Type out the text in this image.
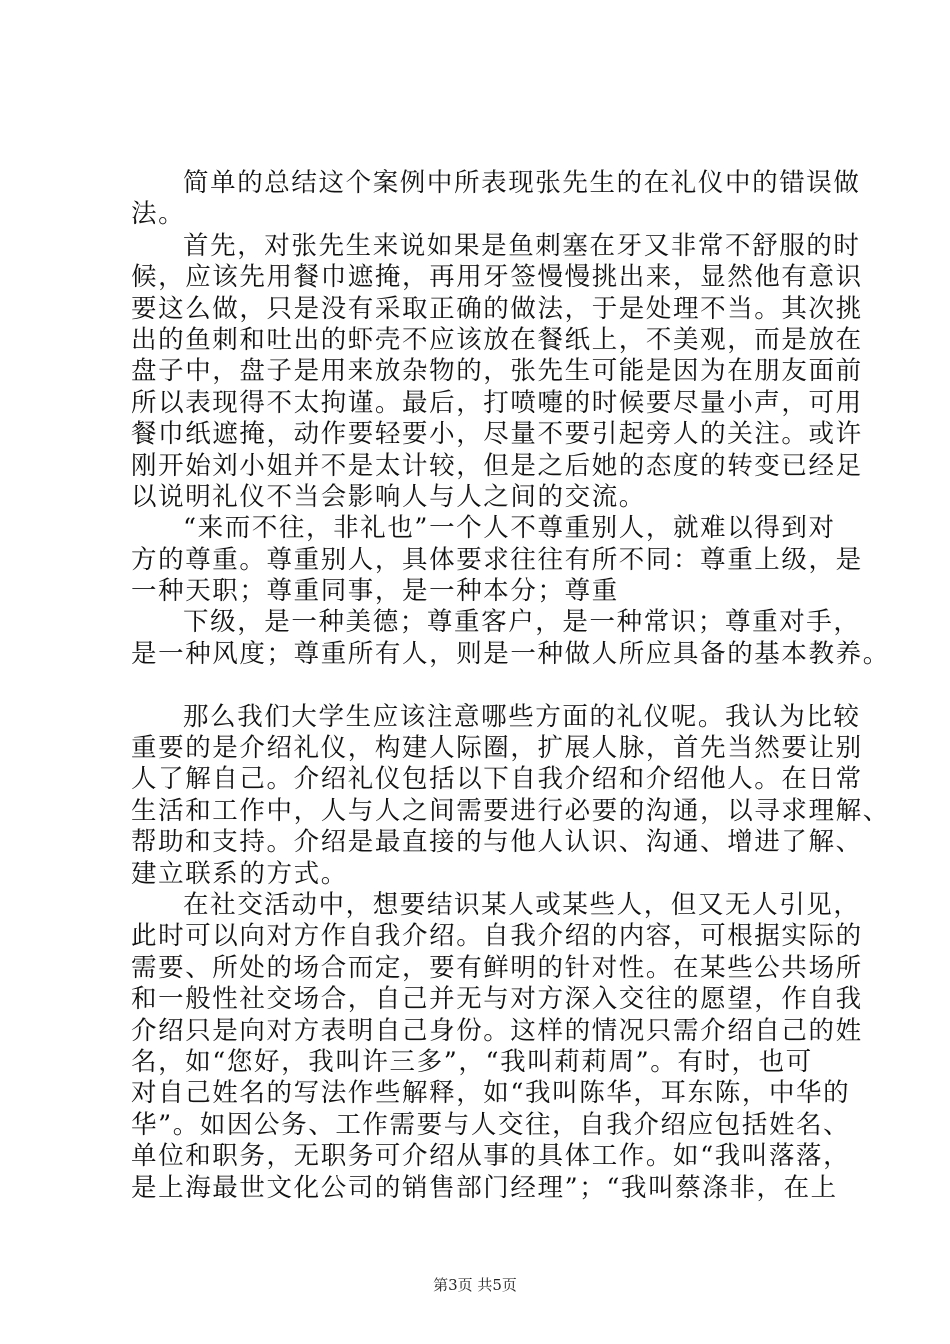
简单的总结这个案例中所表现张先生的在礼仪中的错误做
法。
首先，对张先生来说如果是鱼刺塞在牙又非常不舒服的时
候，应该先用餐巾遮掩，再用牙签慢慢挑出来，显然他有意识
要这么做，只是没有采取正确的做法，于是处理不当。其次挑
出的鱼刺和吐出的虾壳不应该放在餐纸上，不美观，而是放在
盘子中，盘子是用来放杂物的，张先生可能是因为在朋友面前
所以表现得不太拘谨。最后，打喷嚏的时候要尽量小声，可用
餐巾纸遮掩，动作要轻要小，尽量不要引起旁人的关注。或许
刚开始刘小姐并不是太计较，但是之后她的态度的转变已经足
以说明礼仪不当会影响人与人之间的交流。
“来而不往，非礼也”一个人不尊重别人，就难以得到对
方的尊重。尊重别人，具体要求往往有所不同：尊重上级，是
一种天职；尊重同事，是一种本分；尊重
下级，是一种美德；尊重客户，是一种常识；尊重对手，
是一种风度；尊重所有人，则是一种做人所应具备的基本教养。
那么我们大学生应该注意哪些方面的礼仪呢。我认为比较
重要的是介绍礼仪，构建人际圈，扩展人脉，首先当然要让别
人了解自己。介绍礼仪包括以下自我介绍和介绍他人。在日常
生活和工作中，人与人之间需要进行必要的沟通，以寻求理解、
帮助和支持。介绍是最直接的与他人认识、沟通、增进了解、
建立联系的方式。
在社交活动中，想要结识某人或某些人，但又无人引见，
此时可以向对方作自我介绍。自我介绍的内容，可根据实际的
需要、所处的场合而定，要有鲜明的针对性。在某些公共场所
和一般性社交场合，自己并无与对方深入交往的愿望，作自我
介绍只是向对方表明自己身份。这样的情况只需介绍自己的姓
名，如“您好，我叫许三多”，“我叫莉莉周”。有时，也可
对自己姓名的写法作些解释，如“我叫陈华，耳东陈，中华的
华”。如因公务、工作需要与人交往，自我介绍应包括姓名、
单位和职务，无职务可介绍从事的具体工作。如“我叫落落，
是上海最世文化公司的销售部门经理”；“我叫蔡涤非，在上
第3页 共5页
